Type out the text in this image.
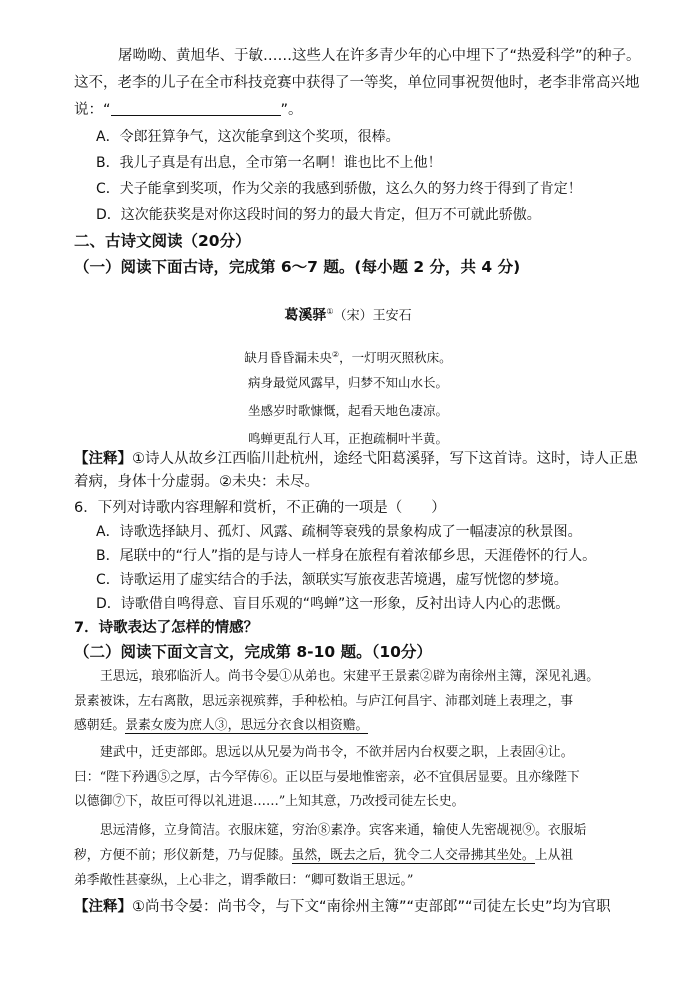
屠呦呦、黄旭华、于敏……这些人在许多青少年的心中埋下了“热爱科学”的种子。
这不，老李的儿子在全市科技竞赛中获得了一等奖，单位同事祝贺他时，老李非常高兴地
说：“	”。
A．令郎狂算争气，这次能拿到这个奖项，很棒。
B．我儿子真是有出息，全市第一名啊！谁也比不上他！
C．犬子能拿到奖项，作为父亲的我感到骄傲，这么久的努力终于得到了肯定！
D．这次能获奖是对你这段时间的努力的最大肯定，但万不可就此骄傲。
二、古诗文阅读（20分）
（一）阅读下面古诗，完成第 6～7 题。(每小题 2 分，共 4 分)
葛溪驿①（宋）王安石
缺月昏昏漏未央②，一灯明灭照秋床。
病身最觉风露早，归梦不知山水长。
坐感岁时歌慷慨，起看天地色凄凉。
鸣蝉更乱行人耳，正抱疏桐叶半黄。
【注释】①诗人从故乡江西临川赴杭州，途经弋阳葛溪驿，写下这首诗。这时，诗人正患
着病，身体十分虚弱。②未央：未尽。
6．下列对诗歌内容理解和赏析，不正确的一项是（　　）
A．诗歌选择缺月、孤灯、风露、疏桐等衰残的景象构成了一幅凄凉的秋景图。
B．尾联中的“行人”指的是与诗人一样身在旅程有着浓郁乡思，天涯倦怀的行人。
C．诗歌运用了虚实结合的手法，颔联实写旅夜悲苦境遇，虚写恍惚的梦境。
D．诗歌借自鸣得意、盲目乐观的“鸣蝉”这一形象，反衬出诗人内心的悲慨。
7．诗歌表达了怎样的情感？
（二）阅读下面文言文，完成第 8-10 题。（10分）
王思远，琅邪临沂人。尚书令晏①从弟也。宋建平王景素②辟为南徐州主簿，深见礼遇。
景素被诛，左右离散，思远亲视殡葬，手种松柏。与庐江何昌宇、沛郡刘琏上表理之，事
感朝廷。景素女废为庶人③，思远分衣食以相资赡。
建武中，迁吏部郎。思远以从兄晏为尚书令，不欲并居内台权要之职，上表固④让。
曰：“陛下矜遇⑤之厚，古今罕俦⑥。正以臣与晏地惟密亲，必不宜俱居显要。且亦缘陛下
以德御⑦下，故臣可得以礼进退……”上知其意，乃改授司徒左长史。
思远清修，立身简洁。衣服床筵，穷治⑧素净。宾客来通，输使人先密觇视⑨。衣服垢
秽，方便不前；形仪新楚，乃与促膝。虽然，既去之后，犹令二人交帚拂其坐处。上从祖
弟季敞性甚豪纵，上心非之，谓季敞曰：“卿可数诣王思远。”
【注释】①尚书令晏：尚书令，与下文“南徐州主簿”“吏部郎”“司徒左长史”均为官职
